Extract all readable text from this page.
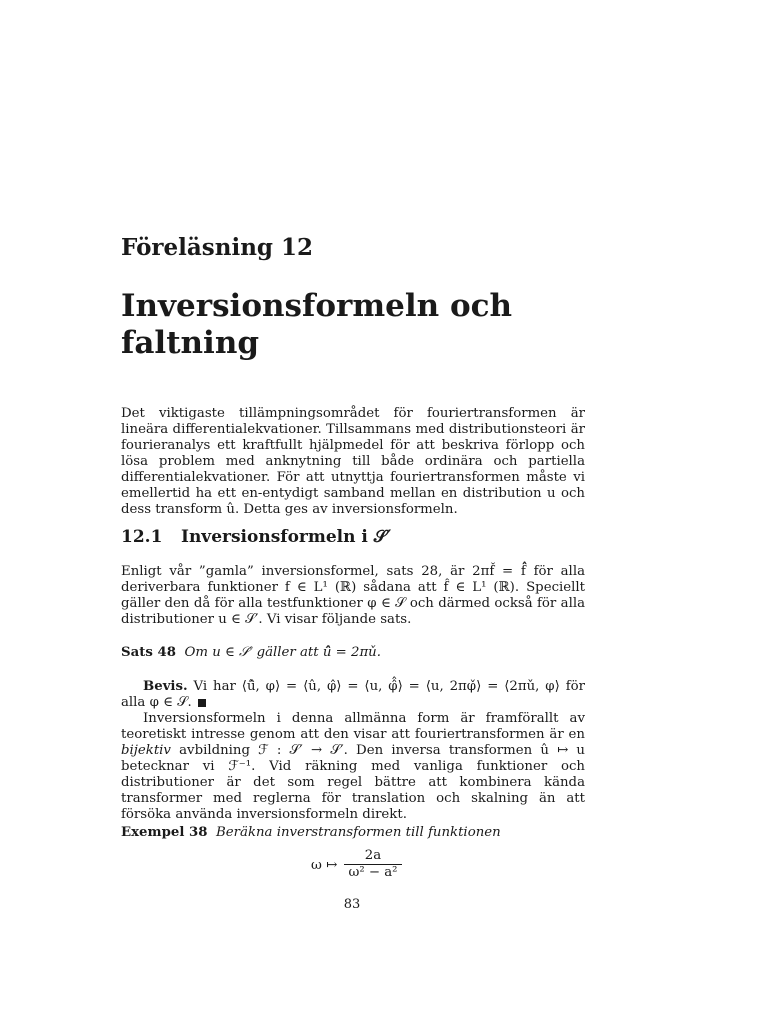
Föreläsning 12
Inversionsformeln och faltning

Det viktigaste tillämpningsområdet för fouriertransformen är lineära differentialekvationer. Tillsammans med distributionsteori är fourieranalys ett kraftfullt hjälpmedel för att beskriva förlopp och lösa problem med anknytning till både ordinära och partiella differentialekvationer. För att utnyttja fouriertransformen måste vi emellertid ha ett en-entydigt samband mellan en distribution u och dess transform û. Detta ges av inversionsformeln.

12.1 Inversionsformeln i 𝒮′

Enligt vår ”gamla” inversionsformel, sats 28, är 2πf̌ = f̂̂ för alla deriverbara funktioner f ∈ L¹ (ℝ) sådana att f̂ ∈ L¹ (ℝ). Speciellt gäller den då för alla testfunktioner φ ∈ 𝒮 och därmed också för alla distributioner u ∈ 𝒮′. Vi visar följande sats.

Sats 48 Om u ∈ 𝒮′ gäller att û̂ = 2πǔ.

Bevis. Vi har ⟨û̂, φ⟩ = ⟨û, φ̂⟩ = ⟨u, φ̂̂⟩ = ⟨u, 2πφ̌⟩ = ⟨2πǔ, φ⟩ för alla φ ∈ 𝒮.

Inversionsformeln i denna allmänna form är framförallt av teoretiskt intresse genom att den visar att fouriertransformen är en bijektiv avbildning ℱ : 𝒮′ → 𝒮′. Den inversa transformen û ↦ u betecknar vi ℱ⁻¹. Vid räkning med vanliga funktioner och distributioner är det som regel bättre att kombinera kända transformer med reglerna för translation och skalning än att försöka använda inversionsformeln direkt.

Exempel 38 Beräkna inverstransformen till funktionen

ω ↦ $\frac{2a}{\text{ω² − a²}}$
83
